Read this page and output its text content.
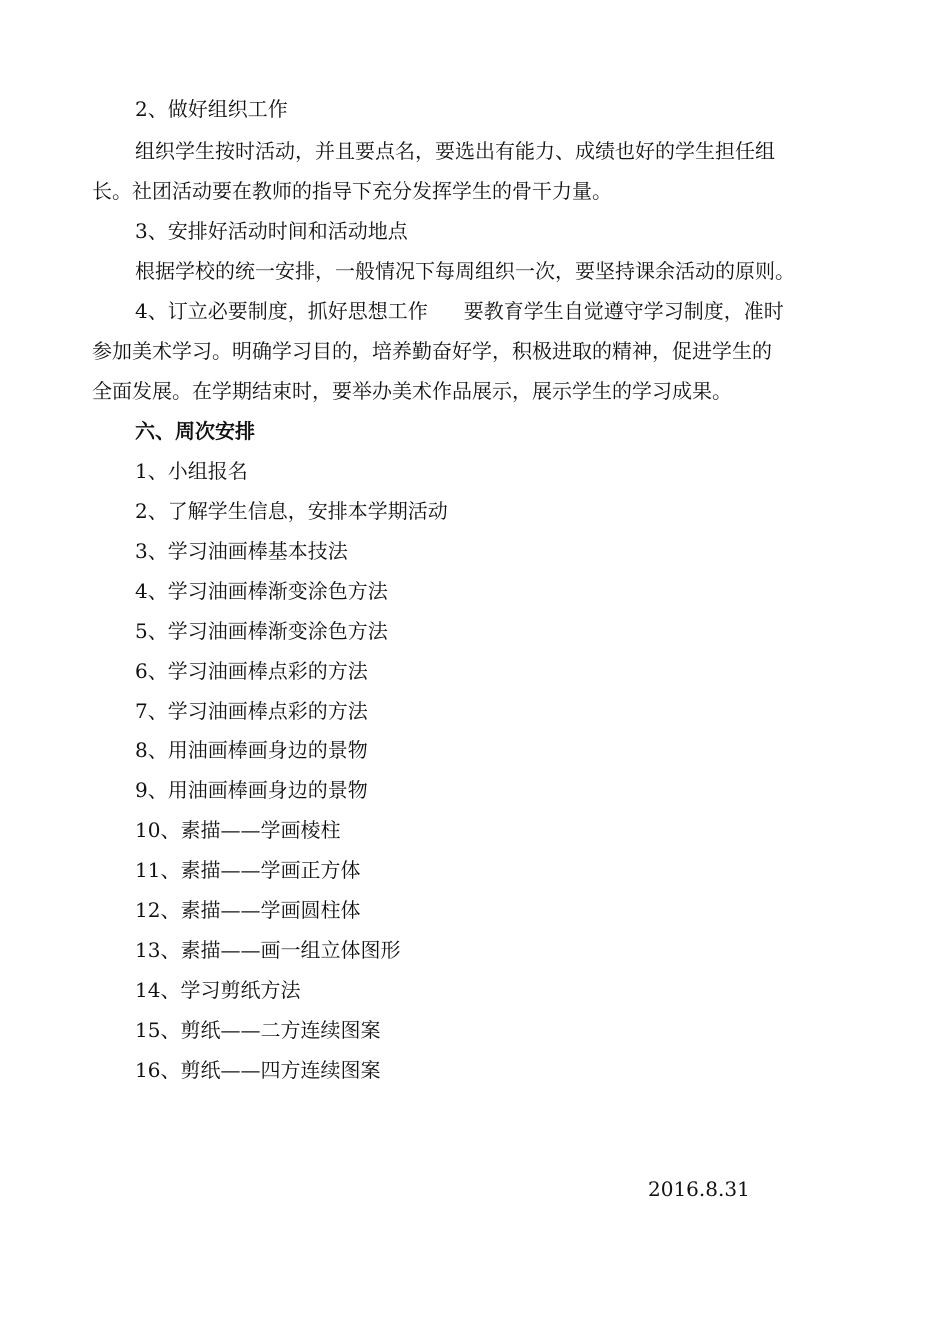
2、做好组织工作
组织学生按时活动，并且要点名，要选出有能力、成绩也好的学生担任组
长。社团活动要在教师的指导下充分发挥学生的骨干力量。
3、安排好活动时间和活动地点
根据学校的统一安排，一般情况下每周组织一次，要坚持课余活动的原则。
4、订立必要制度，抓好思想工作 要教育学生自觉遵守学习制度，准时
参加美术学习。明确学习目的，培养勤奋好学，积极进取的精神，促进学生的
全面发展。在学期结束时，要举办美术作品展示，展示学生的学习成果。
六、周次安排
1、小组报名
2、了解学生信息，安排本学期活动
3、学习油画棒基本技法
4、学习油画棒渐变涂色方法
5、学习油画棒渐变涂色方法
6、学习油画棒点彩的方法
7、学习油画棒点彩的方法
8、用油画棒画身边的景物
9、用油画棒画身边的景物
10、素描——学画棱柱
11、素描——学画正方体
12、素描——学画圆柱体
13、素描——画一组立体图形
14、学习剪纸方法
15、剪纸——二方连续图案
16、剪纸——四方连续图案
2016.8.31
